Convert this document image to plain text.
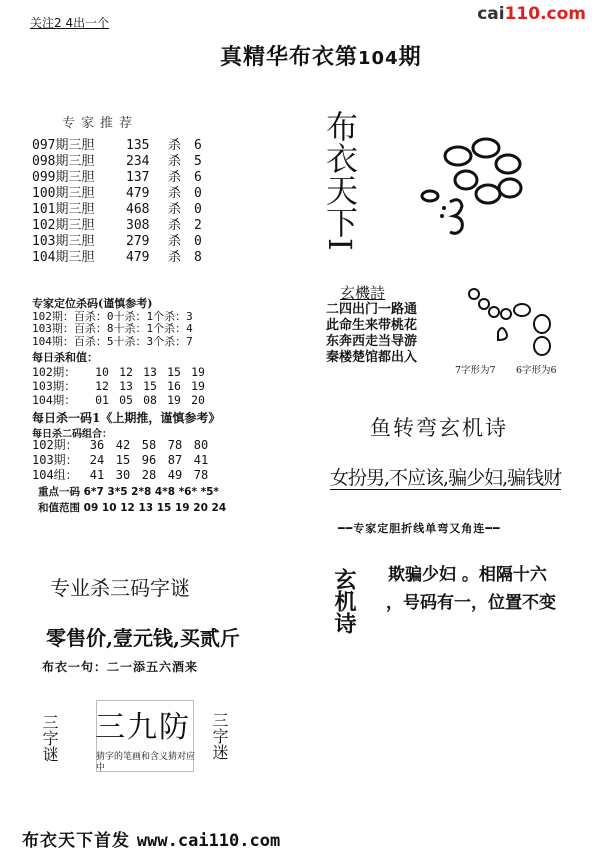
关注2 4出一个	cai110.com
真精华布衣第104期
专家推荐
097期三胆 135 杀 6
098期三胆 234 杀 5
099期三胆 137 杀 6
100期三胆 479 杀 0
101期三胆 468 杀 0
102期三胆 308 杀 2
103期三胆 279 杀 0
104期三胆 479 杀 8
专家定位杀码(谨慎参考)
102期：百杀：0十杀：1个杀：3
103期：百杀：8十杀：1个杀：4
104期：百杀：5十杀：3个杀：7
每日杀和值：
102期： 10 12 13 15 19
103期： 12 13 15 16 19
104期： 01 05 08 19 20
每日杀一码1《上期推，谨慎参考》
每日杀二码组合：
102期： 36 42 58 78 80
103期： 24 15 96 87 41
104组： 41 30 28 49 78
重点一码 6*7 3*5 2*8 4*8 *6* *5*
和值范围 09 10 12 13 15 19 20 24
专业杀三码字谜
零售价,壹元钱,买贰斤
布衣一句：二一添五六酒来
三九防
猜字的笔画和含义猜对应中
三字谜	三字迷
布衣天下I
玄機詩
二四出门一路通
此命生来带桃花
东奔西走当导游
秦楼楚馆都出入
7字形为7 6字形为6
鱼转弯玄机诗
女扮男,不应该,骗少妇,骗钱财
━━专家定胆折线单弯又角连━━
玄机诗 欺骗少妇 。相隔十六
，号码有一，位置不变
布衣天下首发 www.cai110.com
